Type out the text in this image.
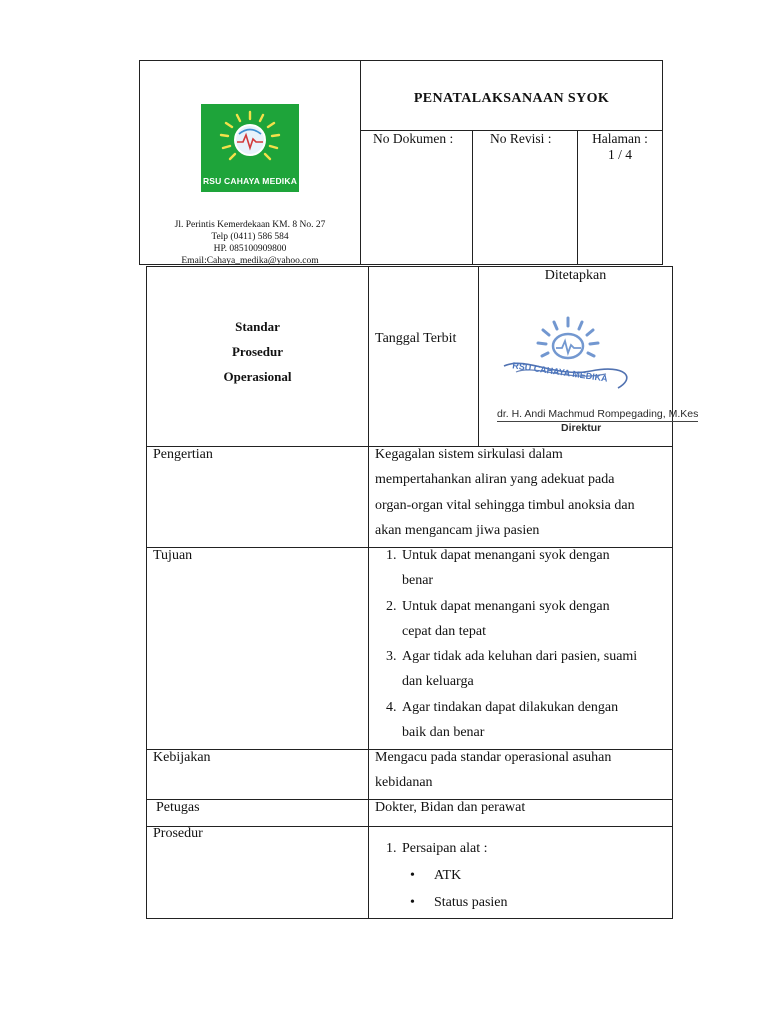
RSU CAHAYA MEDIKA
Jl. Perintis Kemerdekaan KM. 8 No. 27
Telp (0411) 586 584
HP. 085100909800
Email:Cahaya_medika@yahoo.com
PENATALAKSANAAN SYOK
No Dokumen :	No Revisi :	Halaman :
1 / 4
Standar
Prosedur
Operasional
Tanggal Terbit
Ditetapkan
RSU CAHAYA MEDIKA
dr. H. Andi Machmud Rompegading, M.Kes
Direktur
Pengertian	Kegagalan sistem sirkulasi dalam
mempertahankan aliran yang adekuat pada
organ-organ vital sehingga timbul anoksia dan
akan mengancam jiwa pasien
Tujuan
1.	Untuk dapat menangani syok dengan
benar
2. Untuk dapat menangani syok dengan
cepat dan tepat
3. Agar tidak ada keluhan dari pasien, suami
dan keluarga
4. Agar tindakan dapat dilakukan dengan
baik dan benar
Kebijakan	Mengacu pada standar operasional asuhan
kebidanan
Petugas	Dokter, Bidan dan perawat
Prosedur
1. Persaipan alat :
• ATK
• Status pasien
